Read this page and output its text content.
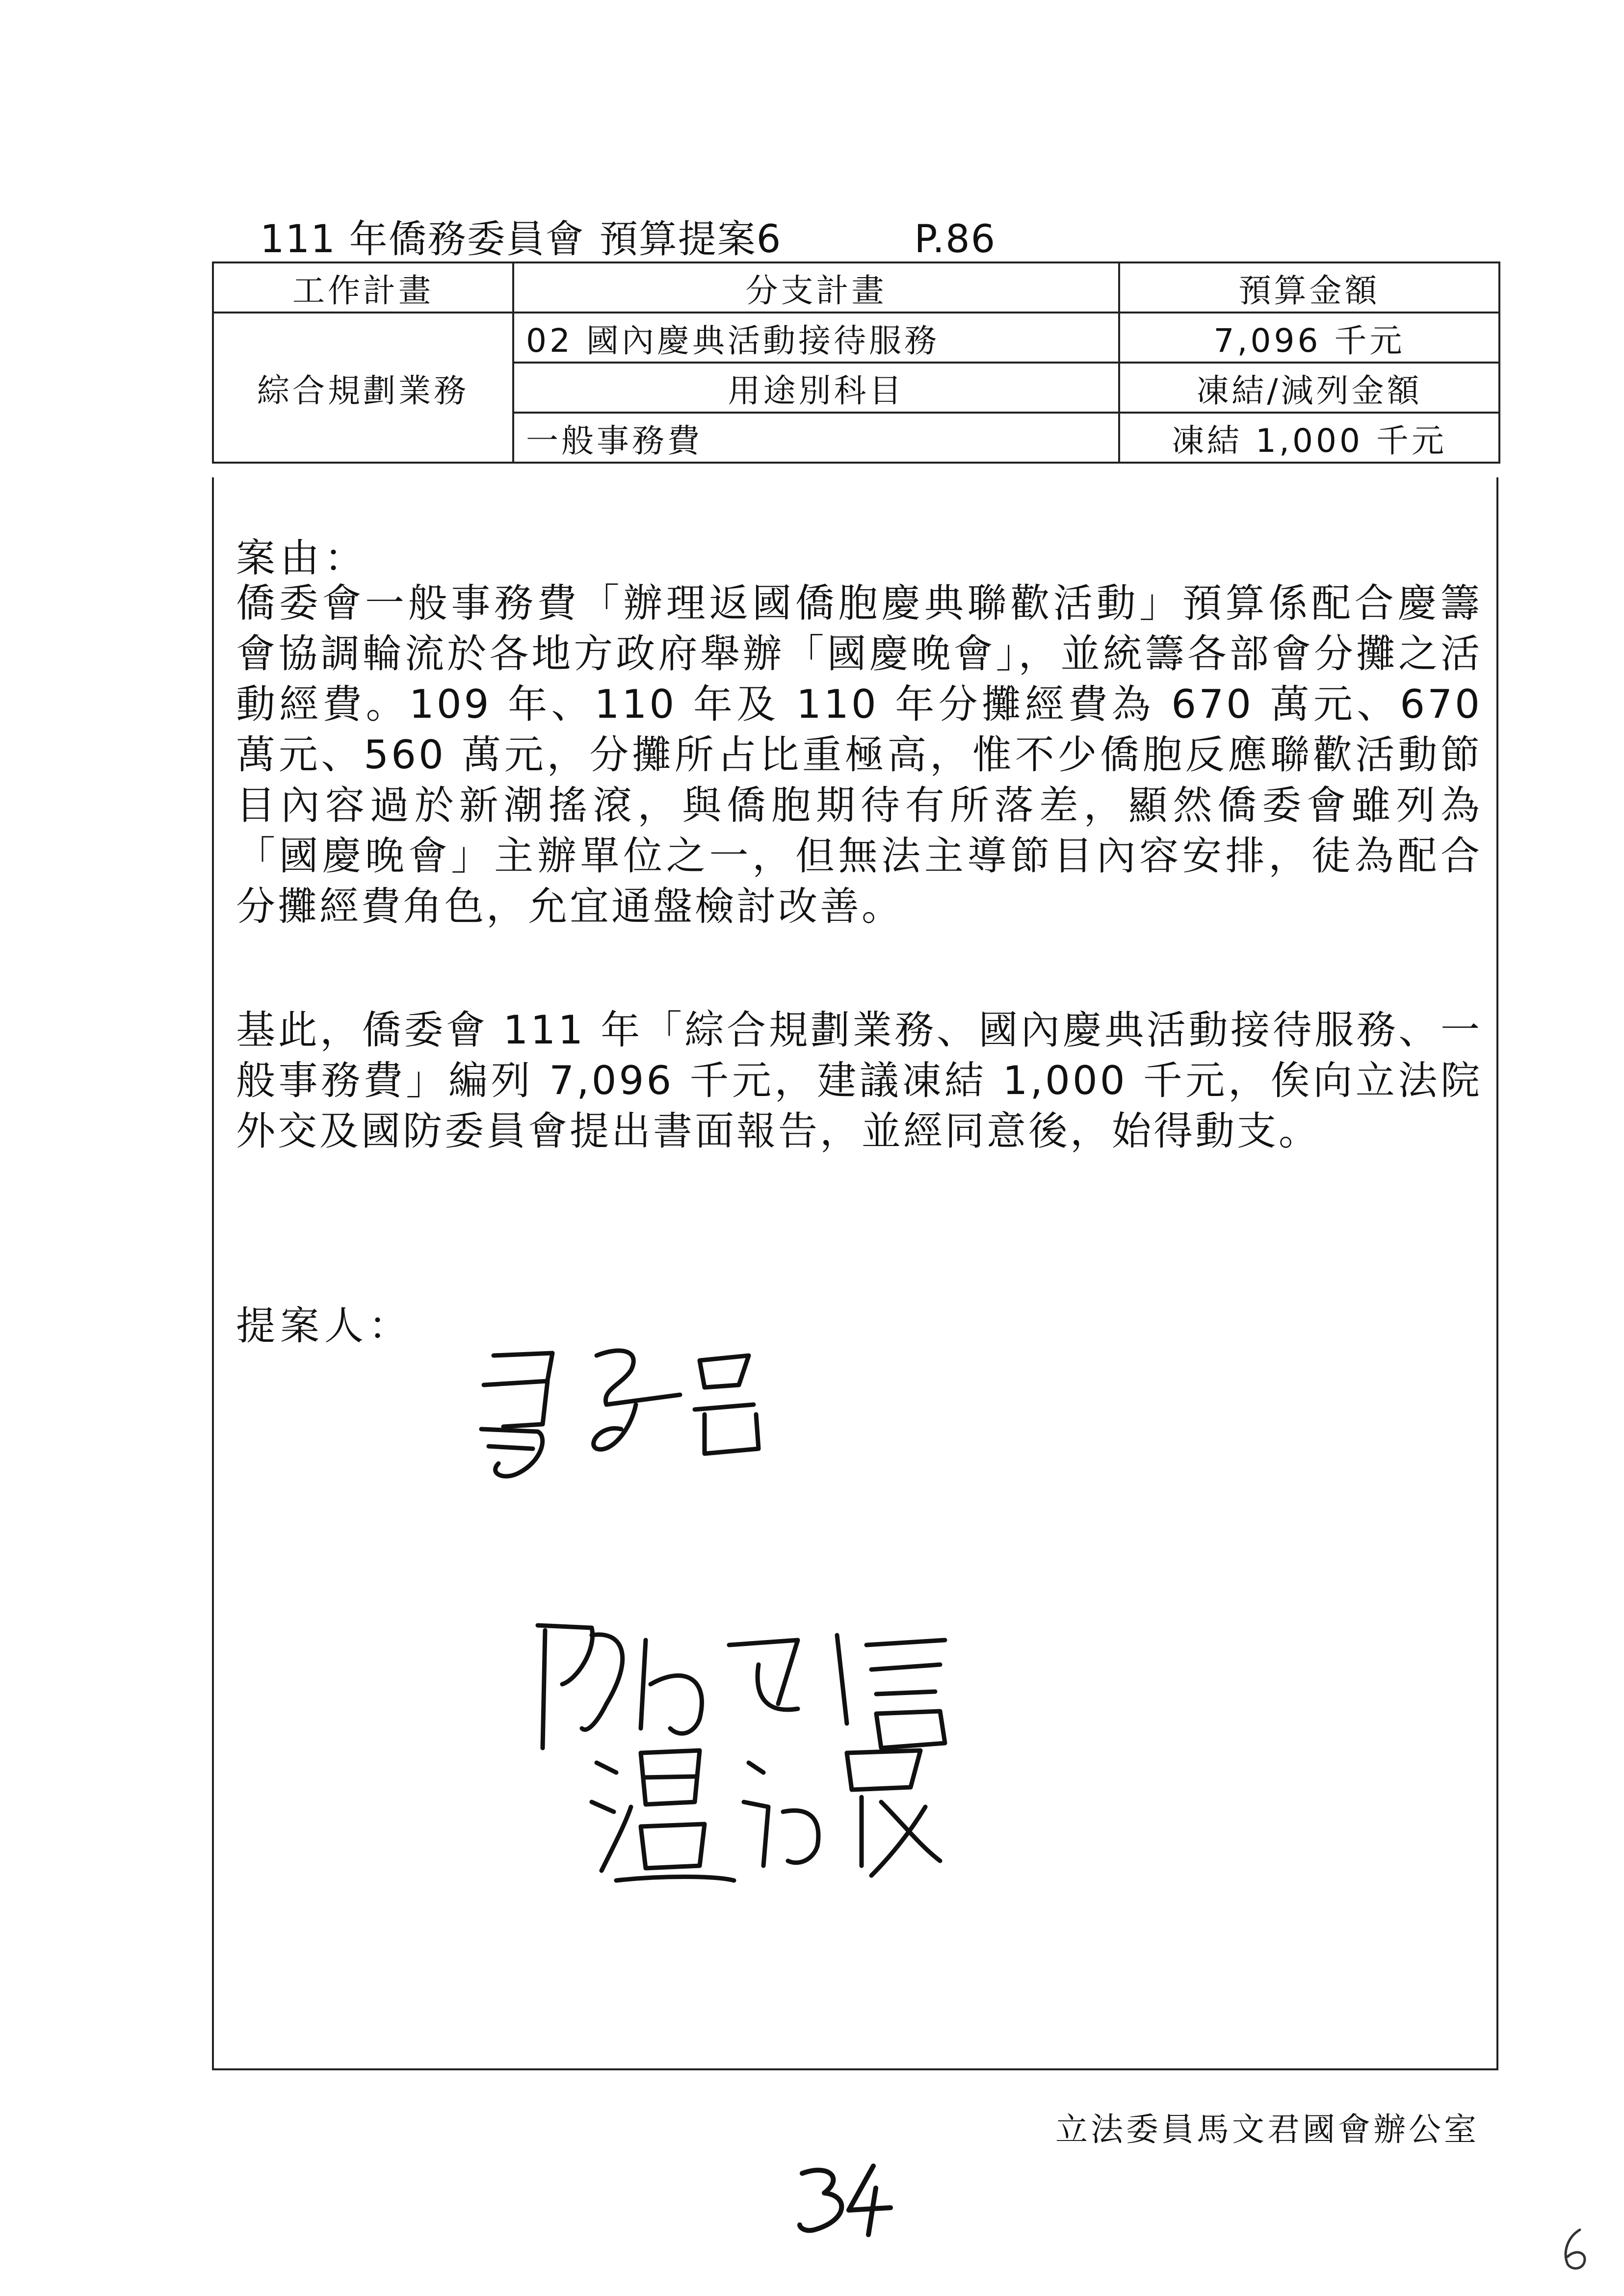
111 年僑務委員會 預算提案6	P.86
工作計畫	分支計畫	預算金額
綜合規劃業務	02 國內慶典活動接待服務	7,096 千元
	用途別科目	凍結/減列金額
	一般事務費	凍結 1,000 千元
案由：

僑委會一般事務費「辦理返國僑胞慶典聯歡活動」預算係配合慶籌會協調輪流於各地方政府舉辦「國慶晚會」，並統籌各部會分攤之活動經費。109 年、110 年及 110 年分攤經費為 670 萬元、670 萬元、560 萬元，分攤所占比重極高，惟不少僑胞反應聯歡活動節目內容過於新潮搖滾，與僑胞期待有所落差，顯然僑委會雖列為「國慶晚會」主辦單位之一，但無法主導節目內容安排，徒為配合分攤經費角色，允宜通盤檢討改善。

基此，僑委會 111 年「綜合規劃業務、國內慶典活動接待服務、一般事務費」編列 7,096 千元，建議凍結 1,000 千元，俟向立法院外交及國防委員會提出書面報告，並經同意後，始得動支。

提案人：
立法委員馬文君國會辦公室
